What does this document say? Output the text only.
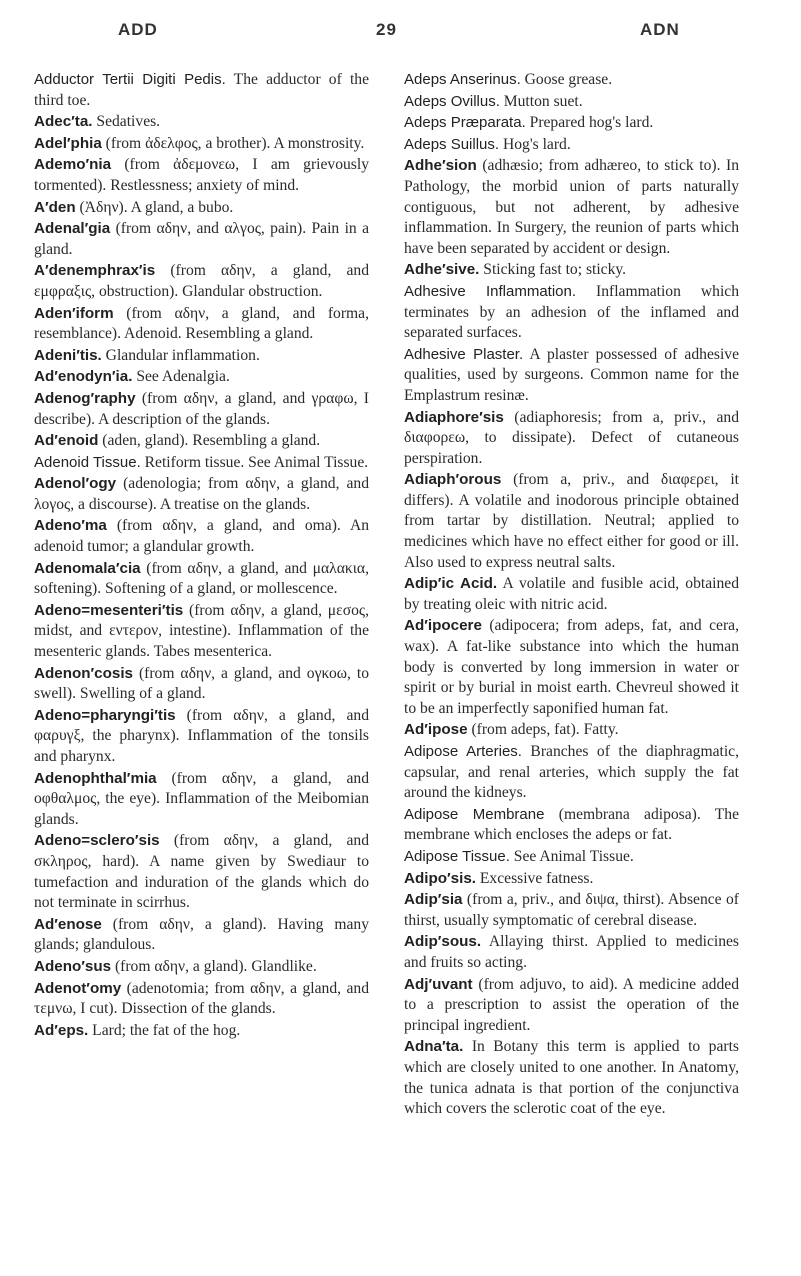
ADD	29	ADN

Adductor Tertii Digiti Pedis. The adductor of the third toe.

Adec′ta. Sedatives.

Adel′phia (from ἀδελφος, a brother). A monstrosity.

Ademo′nia (from ἀδεμονεω, I am grievously tormented). Restlessness; anxiety of mind.

A′den (Ἀδην). A gland, a bubo.

Adenal′gia (from αδην, and αλγος, pain). Pain in a gland.

A′denemphrax′is (from αδην, a gland, and εμφραξις, obstruction). Glandular obstruction.

Aden′iform (from αδην, a gland, and forma, resemblance). Adenoid. Resembling a gland.

Adeni′tis. Glandular inflammation.

Ad′enodyn′ia. See Adenalgia.

Adenog′raphy (from αδην, a gland, and γραφω, I describe). A description of the glands.

Ad′enoid (aden, gland). Resembling a gland.

Adenoid Tissue. Retiform tissue. See Animal Tissue.

Adenol′ogy (adenologia; from αδην, a gland, and λογος, a discourse). A treatise on the glands.

Adeno′ma (from αδην, a gland, and oma). An adenoid tumor; a glandular growth.

Adenomala′cia (from αδην, a gland, and μαλακια, softening). Softening of a gland, or mollescence.

Adeno=mesenteri′tis (from αδην, a gland, μεσος, midst, and εντερον, intestine). Inflammation of the mesenteric glands. Tabes mesenterica.

Adenon′cosis (from αδην, a gland, and ογκοω, to swell). Swelling of a gland.

Adeno=pharyngi′tis (from αδην, a gland, and φαρυγξ, the pharynx). Inflammation of the tonsils and pharynx.

Adenophthal′mia (from αδην, a gland, and οφθαλμος, the eye). Inflammation of the Meibomian glands.

Adeno=sclero′sis (from αδην, a gland, and σκληρος, hard). A name given by Swediaur to tumefaction and induration of the glands which do not terminate in scirrhus.

Ad′enose (from αδην, a gland). Having many glands; glandulous.

Adeno′sus (from αδην, a gland). Glandlike.

Adenot′omy (adenotomia; from αδην, a gland, and τεμνω, I cut). Dissection of the glands.

Ad′eps. Lard; the fat of the hog.

Adeps Anserinus. Goose grease.

Adeps Ovillus. Mutton suet.

Adeps Præparata. Prepared hog's lard.

Adeps Suillus. Hog's lard.

Adhe′sion (adhæsio; from adhæreo, to stick to). In Pathology, the morbid union of parts naturally contiguous, but not adherent, by adhesive inflammation. In Surgery, the reunion of parts which have been separated by accident or design.

Adhe′sive. Sticking fast to; sticky.

Adhesive Inflammation. Inflammation which terminates by an adhesion of the inflamed and separated surfaces.

Adhesive Plaster. A plaster possessed of adhesive qualities, used by surgeons. Common name for the Emplastrum resinæ.

Adiaphore′sis (adiaphoresis; from a, priv., and διαφορεω, to dissipate). Defect of cutaneous perspiration.

Adiaph′orous (from a, priv., and διαφερει, it differs). A volatile and inodorous principle obtained from tartar by distillation. Neutral; applied to medicines which have no effect either for good or ill. Also used to express neutral salts.

Adip′ic Acid. A volatile and fusible acid, obtained by treating oleic with nitric acid.

Ad′ipocere (adipocera; from adeps, fat, and cera, wax). A fat-like substance into which the human body is converted by long immersion in water or spirit or by burial in moist earth. Chevreul showed it to be an imperfectly saponified human fat.

Ad′ipose (from adeps, fat). Fatty.

Adipose Arteries. Branches of the diaphragmatic, capsular, and renal arteries, which supply the fat around the kidneys.

Adipose Membrane (membrana adiposa). The membrane which encloses the adeps or fat.

Adipose Tissue. See Animal Tissue.

Adipo′sis. Excessive fatness.

Adip′sia (from a, priv., and διψα, thirst). Absence of thirst, usually symptomatic of cerebral disease.

Adip′sous. Allaying thirst. Applied to medicines and fruits so acting.

Adj′uvant (from adjuvo, to aid). A medicine added to a prescription to assist the operation of the principal ingredient.

Adna′ta. In Botany this term is applied to parts which are closely united to one another. In Anatomy, the tunica adnata is that portion of the conjunctiva which covers the sclerotic coat of the eye.
